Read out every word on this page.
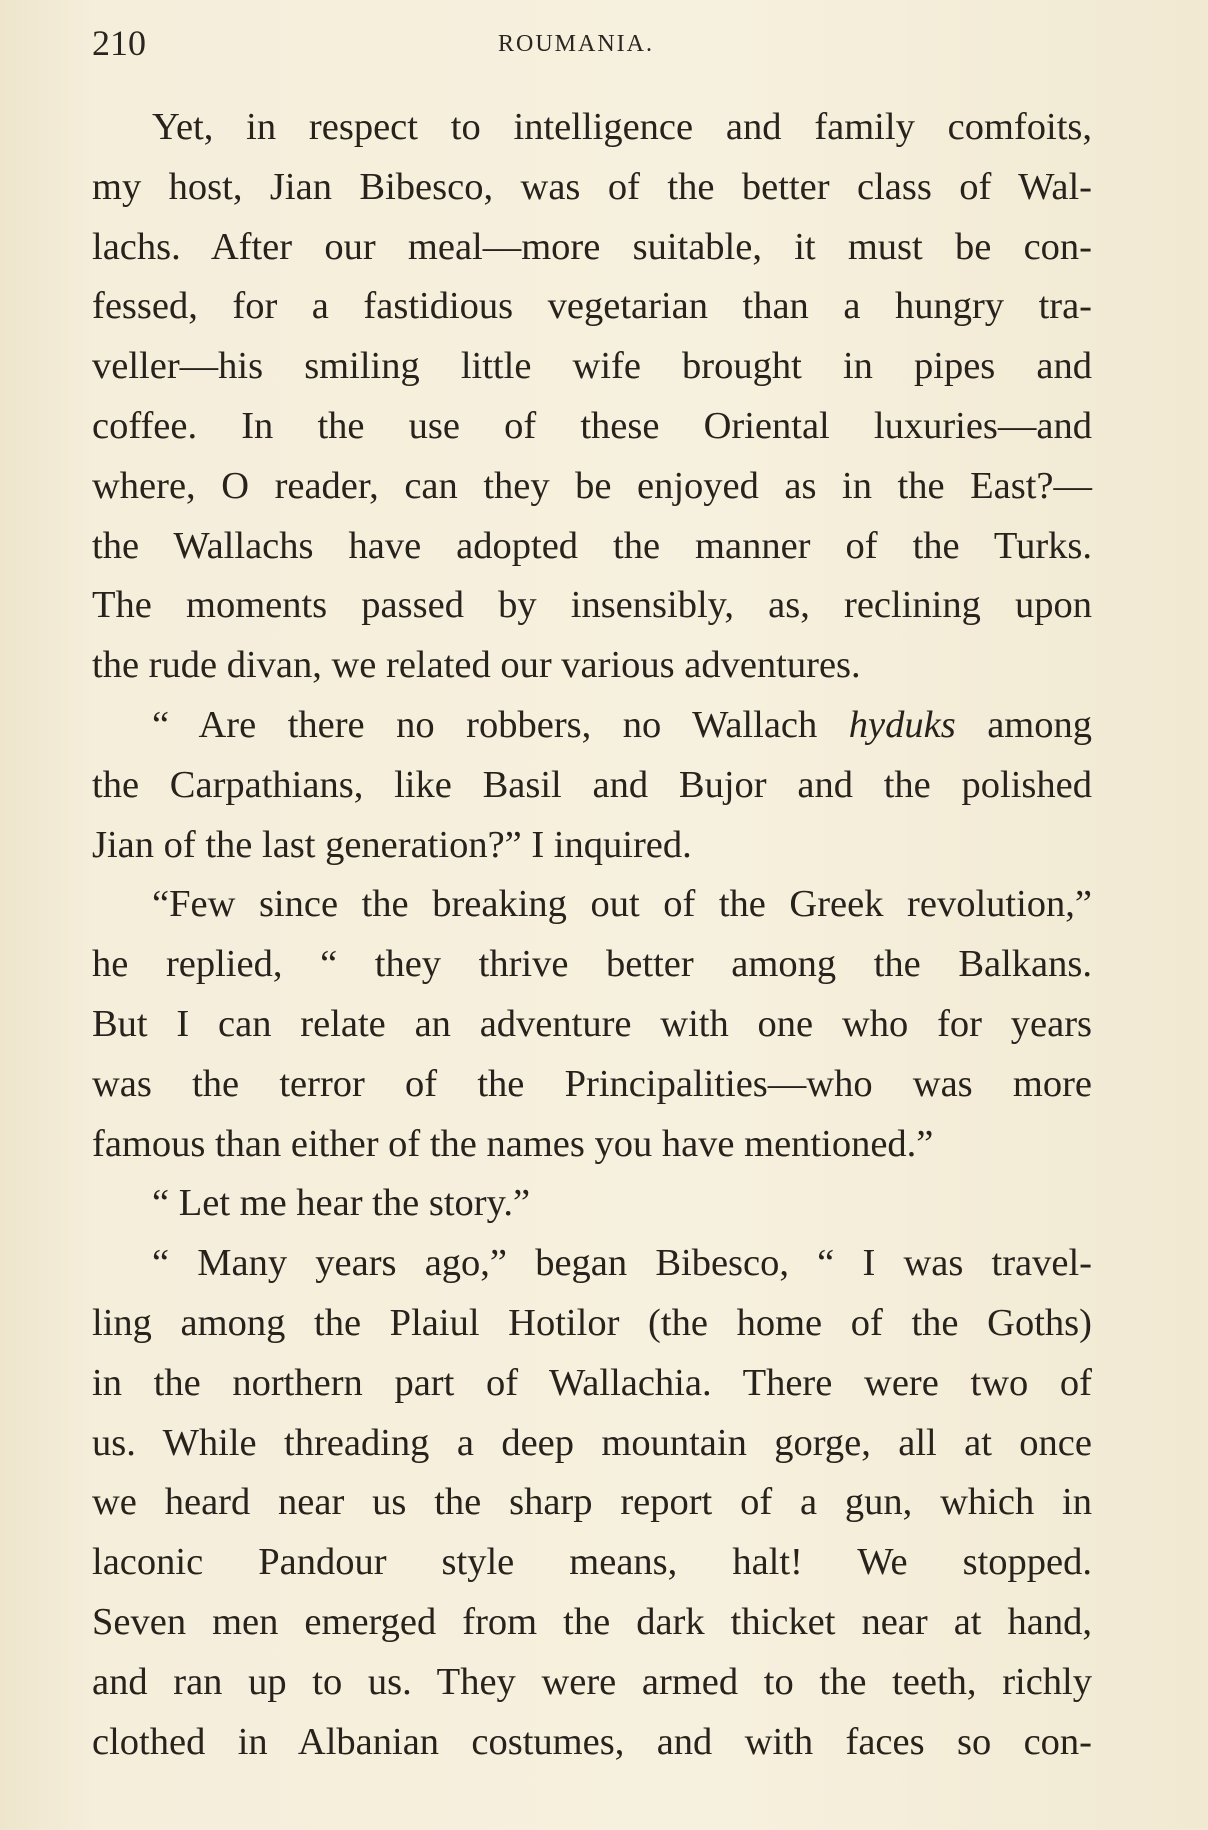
210	ROUMANIA.
Yet, in respect to intelligence and family comfoits,
my host, Jian Bibesco, was of the better class of Wal-
lachs. After our meal—more suitable, it must be con-
fessed, for a fastidious vegetarian than a hungry tra-
veller—his smiling little wife brought in pipes and
coffee. In the use of these Oriental luxuries—and
where, O reader, can they be enjoyed as in the East?—
the Wallachs have adopted the manner of the Turks.
The moments passed by insensibly, as, reclining upon
the rude divan, we related our various adventures.
“ Are there no robbers, no Wallach hyduks among
the Carpathians, like Basil and Bujor and the polished
Jian of the last generation?” I inquired.
“Few since the breaking out of the Greek revolution,”
he replied, “ they thrive better among the Balkans.
But I can relate an adventure with one who for years
was the terror of the Principalities—who was more
famous than either of the names you have mentioned.”
“ Let me hear the story.”
“ Many years ago,” began Bibesco, “ I was travel-
ling among the Plaiul Hotilor (the home of the Goths)
in the northern part of Wallachia. There were two of
us. While threading a deep mountain gorge, all at once
we heard near us the sharp report of a gun, which in
laconic Pandour style means, halt! We stopped.
Seven men emerged from the dark thicket near at hand,
and ran up to us. They were armed to the teeth, richly
clothed in Albanian costumes, and with faces so con-
